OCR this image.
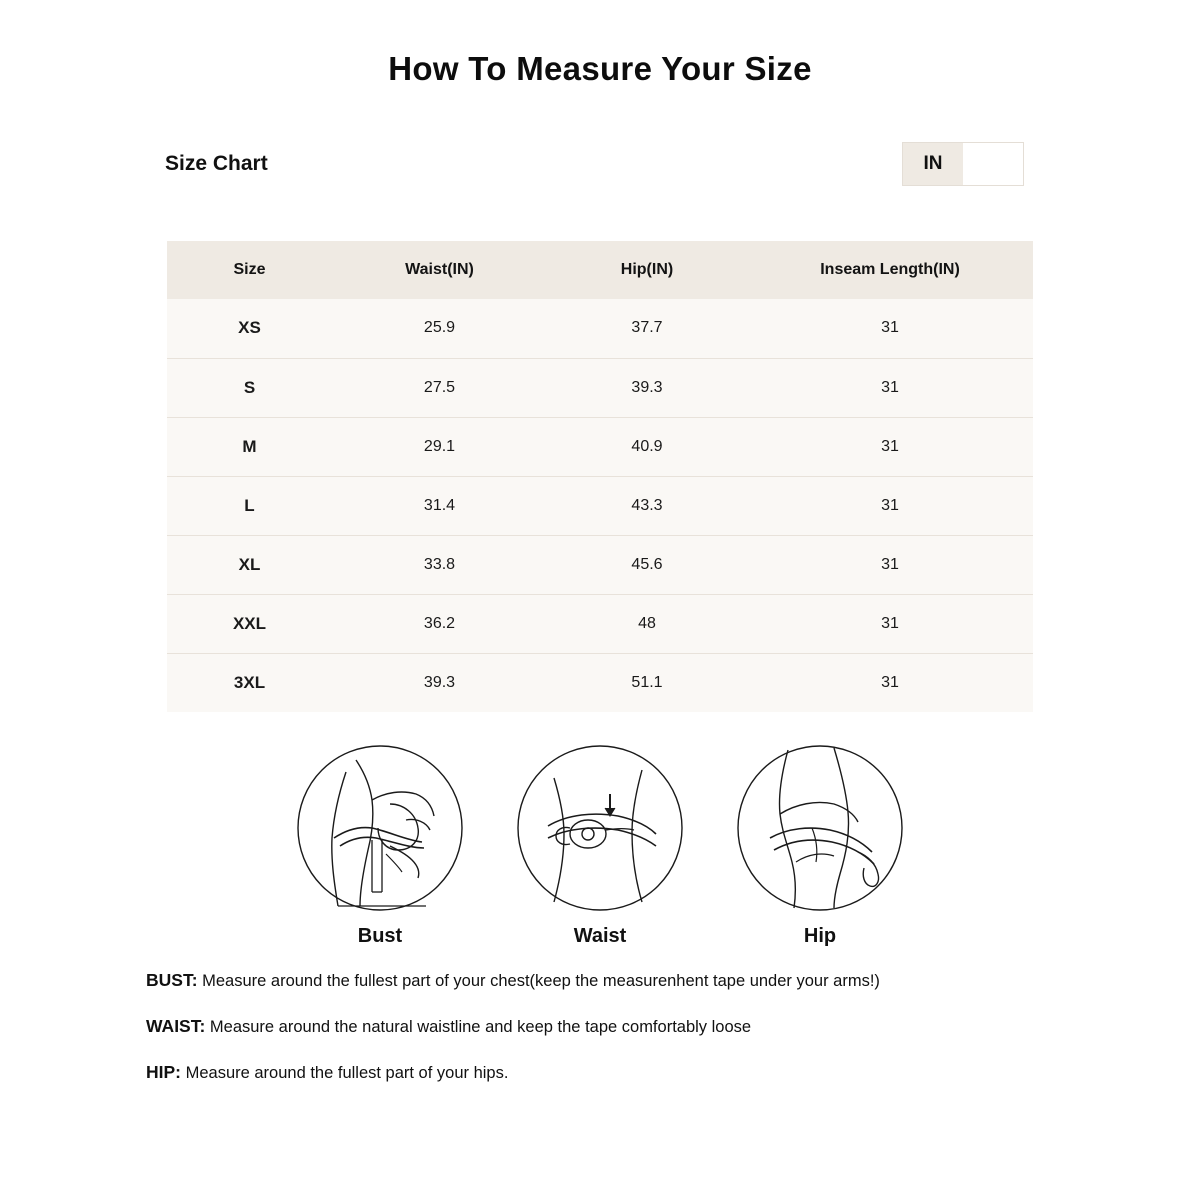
How To Measure Your Size
Size Chart	IN
Size	Waist(IN)	Hip(IN)	Inseam Length(IN)
XS	25.9	37.7	31
S	27.5	39.3	31
M	29.1	40.9	31
L	31.4	43.3	31
XL	33.8	45.6	31
XXL	36.2	48	31
3XL	39.3	51.1	31
Bust	Waist	Hip
BUST: Measure around the fullest part of your chest(keep the measurenhent tape under your arms!)
WAIST: Measure around the natural waistline and keep the tape comfortably loose
HIP: Measure around the fullest part of your hips.
